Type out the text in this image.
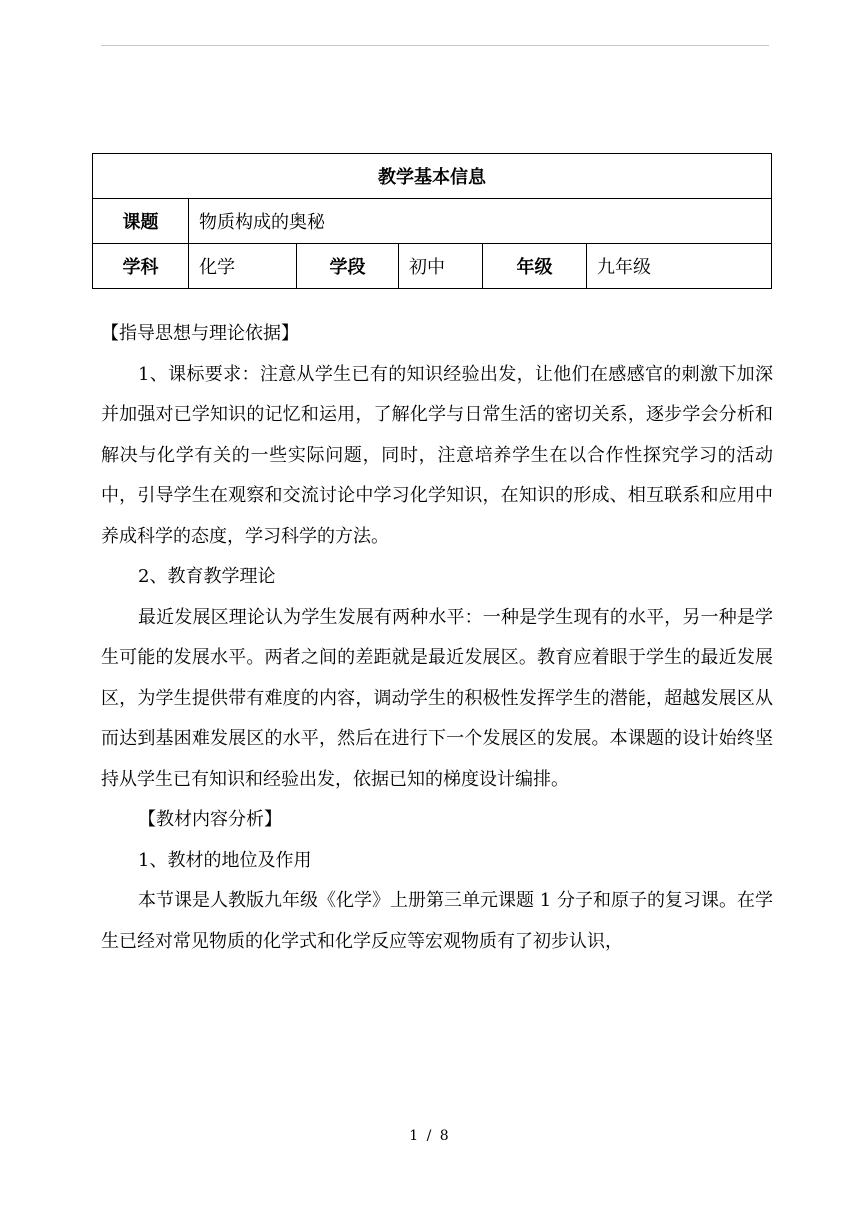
教学基本信息					
课题	物质构成的奥秘				
学科	化学	学段	初中	年级	九年级

【指导思想与理论依据】

1、课标要求：注意从学生已有的知识经验出发，让他们在感感官的刺激下加深并加强对已学知识的记忆和运用，了解化学与日常生活的密切关系，逐步学会分析和解决与化学有关的一些实际问题，同时，注意培养学生在以合作性探究学习的活动中，引导学生在观察和交流讨论中学习化学知识，在知识的形成、相互联系和应用中养成科学的态度，学习科学的方法。

2、教育教学理论

最近发展区理论认为学生发展有两种水平：一种是学生现有的水平，另一种是学生可能的发展水平。两者之间的差距就是最近发展区。教育应着眼于学生的最近发展区，为学生提供带有难度的内容，调动学生的积极性发挥学生的潜能，超越发展区从而达到基困难发展区的水平，然后在进行下一个发展区的发展。本课题的设计始终坚持从学生已有知识和经验出发，依据已知的梯度设计编排。

【教材内容分析】

1、教材的地位及作用

本节课是人教版九年级《化学》上册第三单元课题 1 分子和原子的复习课。在学生已经对常见物质的化学式和化学反应等宏观物质有了初步认识，

1 / 8
